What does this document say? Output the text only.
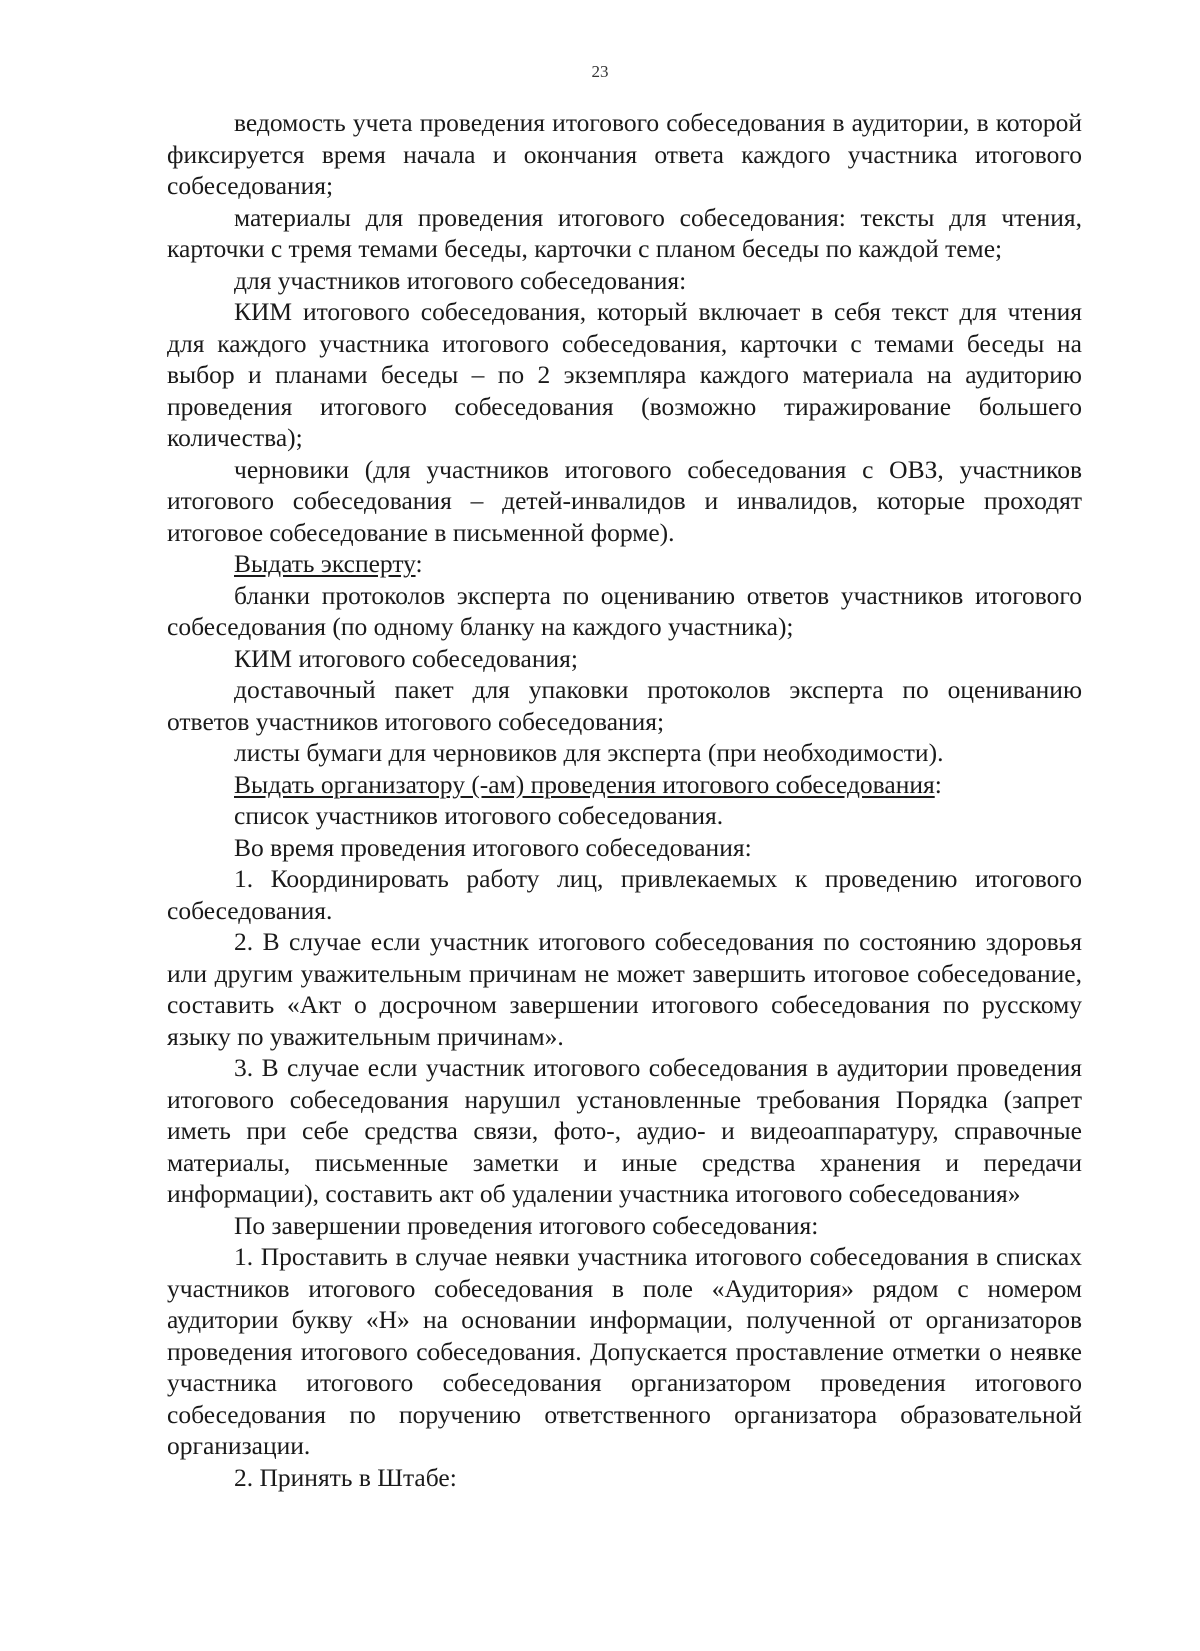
23

ведомость учета проведения итогового собеседования в аудитории, в которой фиксируется время начала и окончания ответа каждого участника итогового собеседования;

материалы для проведения итогового собеседования: тексты для чтения, карточки с тремя темами беседы, карточки с планом беседы по каждой теме;

для участников итогового собеседования:

КИМ итогового собеседования, который включает в себя текст для чтения для каждого участника итогового собеседования, карточки с темами беседы на выбор и планами беседы – по 2 экземпляра каждого материала на аудиторию проведения итогового собеседования (возможно тиражирование большего количества);

черновики (для участников итогового собеседования с ОВЗ, участников итогового собеседования – детей-инвалидов и инвалидов, которые проходят итоговое собеседование в письменной форме).

Выдать эксперту:

бланки протоколов эксперта по оцениванию ответов участников итогового собеседования (по одному бланку на каждого участника);

КИМ итогового собеседования;

доставочный пакет для упаковки протоколов эксперта по оцениванию ответов участников итогового собеседования;

листы бумаги для черновиков для эксперта (при необходимости).

Выдать организатору (-ам) проведения итогового собеседования:

список участников итогового собеседования.

Во время проведения итогового собеседования:

1. Координировать работу лиц, привлекаемых к проведению итогового собеседования.

2. В случае если участник итогового собеседования по состоянию здоровья или другим уважительным причинам не может завершить итоговое собеседование, составить «Акт о досрочном завершении итогового собеседования по русскому языку по уважительным причинам».

3. В случае если участник итогового собеседования в аудитории проведения итогового собеседования нарушил установленные требования Порядка (запрет иметь при себе средства связи, фото-, аудио- и видеоаппаратуру, справочные материалы, письменные заметки и иные средства хранения и передачи информации), составить акт об удалении участника итогового собеседования»

По завершении проведения итогового собеседования:

1. Проставить в случае неявки участника итогового собеседования в списках участников итогового собеседования в поле «Аудитория» рядом с номером аудитории букву «Н» на основании информации, полученной от организаторов проведения итогового собеседования. Допускается проставление отметки о неявке участника итогового собеседования организатором проведения итогового собеседования по поручению ответственного организатора образовательной организации.

2. Принять в Штабе:
